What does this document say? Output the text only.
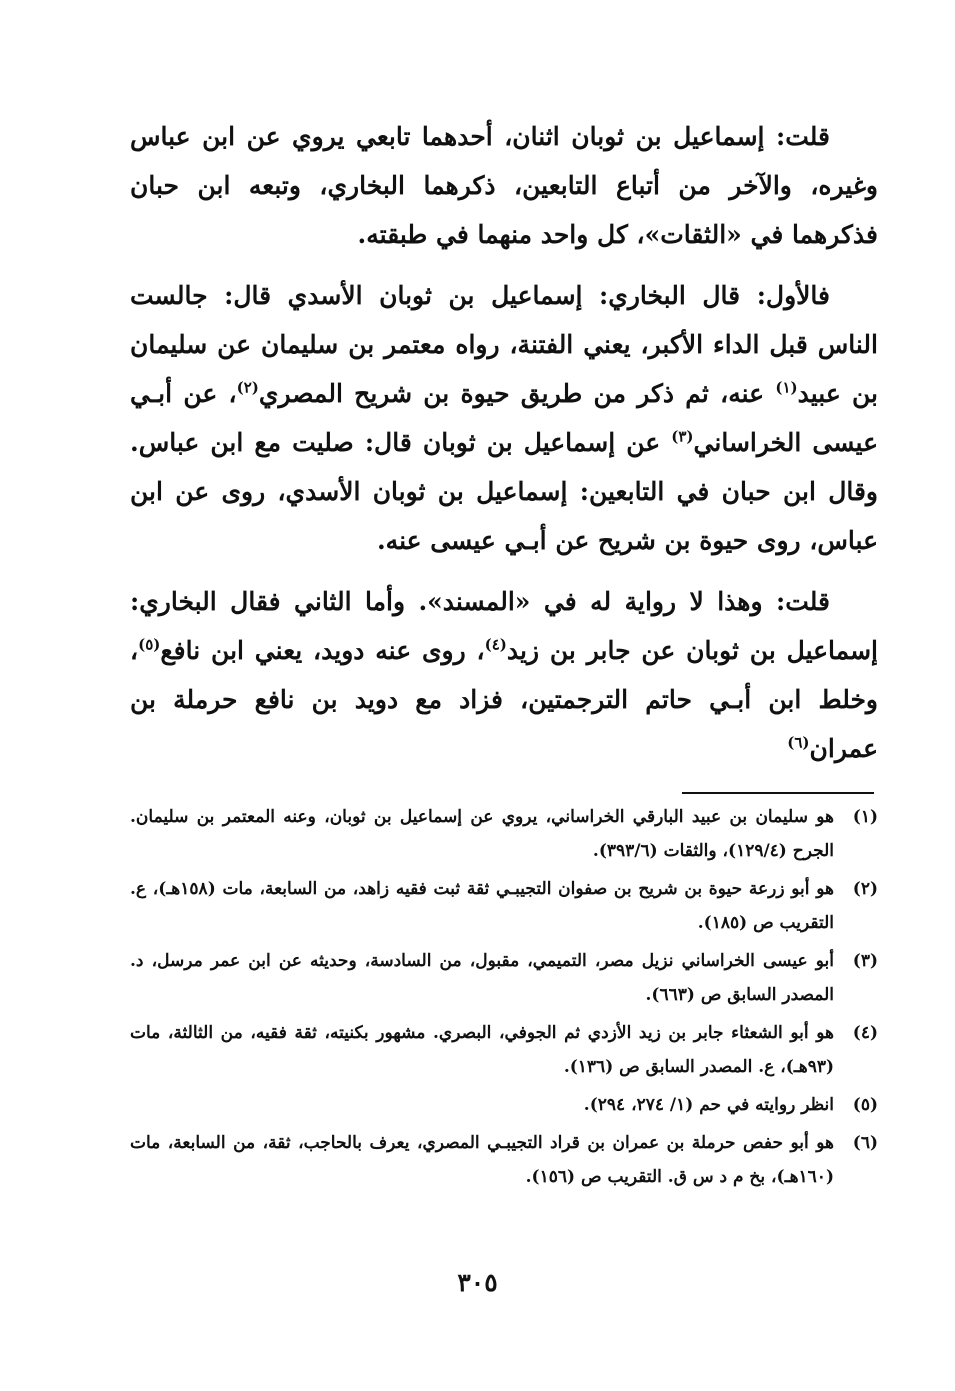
قلت: إسماعيل بن ثوبان اثنان، أحدهما تابعي يروي عن ابن عباس وغيره، والآخر من أتباع التابعين، ذكرهما البخاري، وتبعه ابن حبان فذكرهما في «الثقات»، كل واحد منهما في طبقته.

فالأول: قال البخاري: إسماعيل بن ثوبان الأسدي قال: جالست الناس قبل الداء الأكبر، يعني الفتنة، رواه معتمر بن سليمان عن سليمان بن عبيد$^{(١)}$ عنه، ثم ذكر من طريق حيوة بن شريح المصري$^{(٢)}$، عن أبـي عيسى الخراساني$^{(٣)}$ عن إسماعيل بن ثوبان قال: صليت مع ابن عباس. وقال ابن حبان في التابعين: إسماعيل بن ثوبان الأسدي، روى عن ابن عباس، روى حيوة بن شريح عن أبـي عيسى عنه.

قلت: وهذا لا رواية له في «المسند». وأما الثاني فقال البخاري: إسماعيل بن ثوبان عن جابر بن زيد$^{(٤)}$، روى عنه دويد، يعني ابن نافع$^{(٥)}$، وخلط ابن أبـي حاتم الترجمتين، فزاد مع دويد بن نافع حرملة بن عمران$^{(٦)}$

(١)
هو سليمان بن عبيد البارقي الخراساني، يروي عن إسماعيل بن ثوبان، وعنه المعتمر بن سليمان. الجرح (١٢٩/٤)، والثقات (٣٩٣/٦).
(٢)
هو أبو زرعة حيوة بن شريح بن صفوان التجيبـي ثقة ثبت فقيه زاهد، من السابعة، مات (١٥٨هـ)، ع. التقريب ص (١٨٥).
(٣)
أبو عيسى الخراساني نزيل مصر، التميمي، مقبول، من السادسة، وحديثه عن ابن عمر مرسل، د. المصدر السابق ص (٦٦٣).
(٤)
هو أبو الشعثاء جابر بن زيد الأزدي ثم الجوفي، البصري. مشهور بكنيته، ثقة فقيه، من الثالثة، مات (٩٣هـ)، ع. المصدر السابق ص (١٣٦).
(٥)
انظر روايته في حم (١/ ٢٧٤، ٢٩٤).
(٦)
هو أبو حفص حرملة بن عمران بن قراد التجيبـي المصري، يعرف بالحاجب، ثقة، من السابعة، مات (١٦٠هـ)، بخ م د س ق. التقريب ص (١٥٦).
٣٠٥
